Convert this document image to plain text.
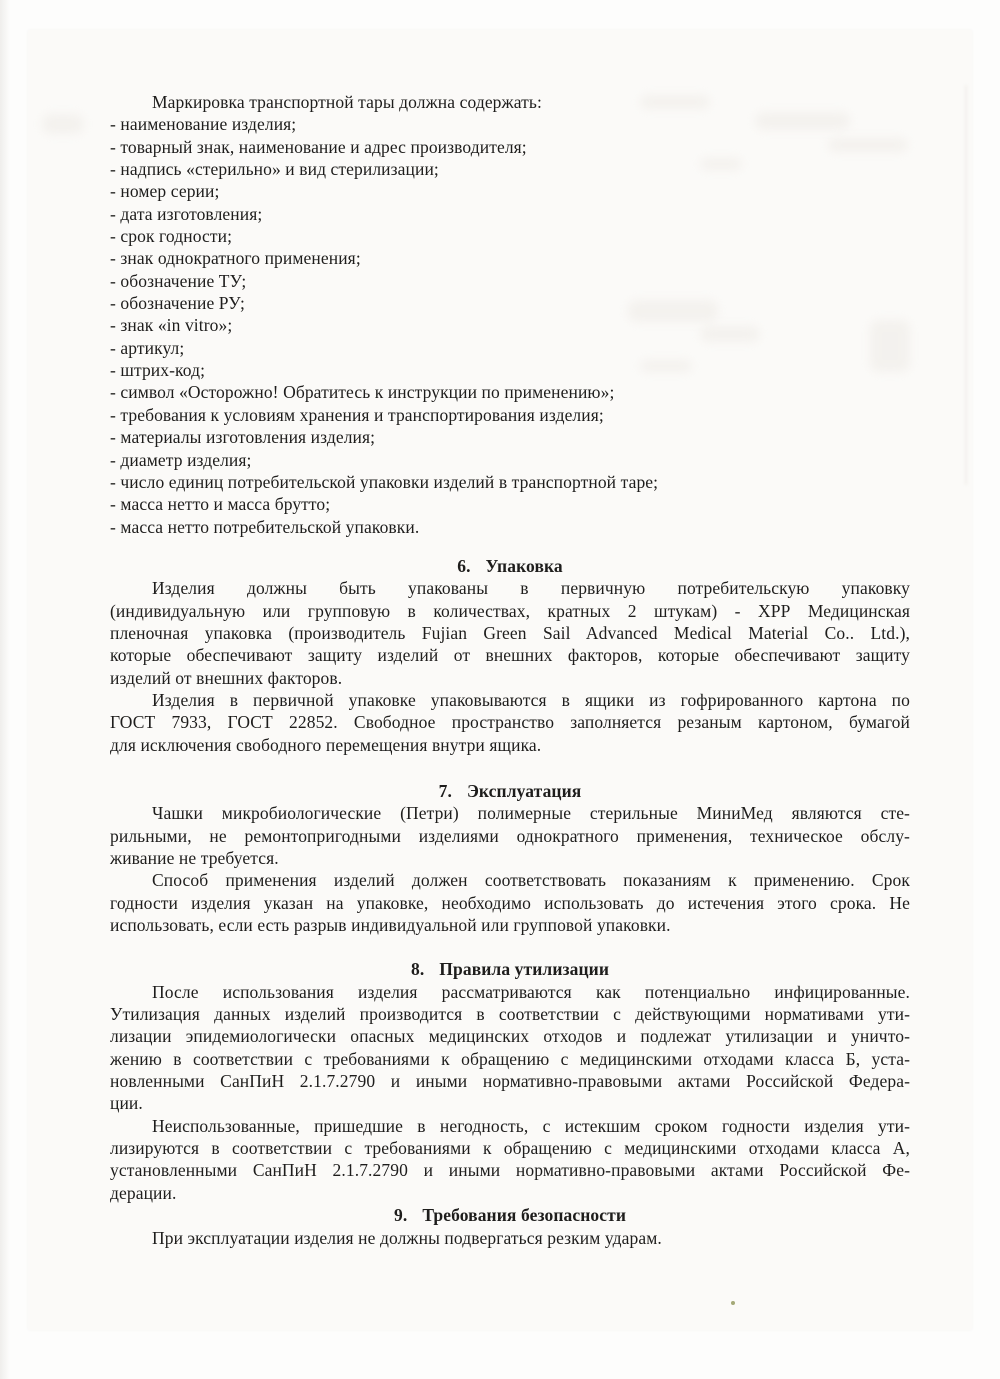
Маркировка транспортной тары должна содержать:
- наименование изделия;
- товарный знак, наименование и адрес производителя;
- надпись «стерильно» и вид стерилизации;
- номер серии;
- дата изготовления;
- срок годности;
- знак однократного применения;
- обозначение ТУ;
- обозначение РУ;
- знак «in vitro»;
- артикул;
- штрих-код;
- символ «Осторожно! Обратитесь к инструкции по применению»;
- требования к условиям хранения и транспортирования изделия;
- материалы изготовления изделия;
- диаметр изделия;
- число единиц потребительской упаковки изделий в транспортной таре;
- масса нетто и масса брутто;
- масса нетто потребительской упаковки.
6. Упаковка
Изделия должны быть упакованы в первичную потребительскую упаковку
(индивидуальную или групповую в количествах, кратных 2 штукам) - ХРР Медицинская
пленочная упаковка (производитель Fujian Green Sail Advanced Medical Material Co.. Ltd.),
которые обеспечивают защиту изделий от внешних факторов, которые обеспечивают защиту
изделий от внешних факторов.
Изделия в первичной упаковке упаковываются в ящики из гофрированного картона по
ГОСТ 7933, ГОСТ 22852. Свободное пространство заполняется резаным картоном, бумагой
для исключения свободного перемещения внутри ящика.
7. Эксплуатация
Чашки микробиологические (Петри) полимерные стерильные МиниМед являются сте-
рильными, не ремонтопригодными изделиями однократного применения, техническое обслу-
живание не требуется.
Способ применения изделий должен соответствовать показаниям к применению. Срок
годности изделия указан на упаковке, необходимо использовать до истечения этого срока. Не
использовать, если есть разрыв индивидуальной или групповой упаковки.
8. Правила утилизации
После использования изделия рассматриваются как потенциально инфицированные.
Утилизация данных изделий производится в соответствии с действующими нормативами ути-
лизации эпидемиологически опасных медицинских отходов и подлежат утилизации и уничто-
жению в соответствии с требованиями к обращению с медицинскими отходами класса Б, уста-
новленными СанПиН 2.1.7.2790 и иными нормативно-правовыми актами Российской Федера-
ции.
Неиспользованные, пришедшие в негодность, с истекшим сроком годности изделия ути-
лизируются в соответствии с требованиями к обращению с медицинскими отходами класса А,
установленными СанПиН 2.1.7.2790 и иными нормативно-правовыми актами Российской Фе-
дерации.
9. Требования безопасности
При эксплуатации изделия не должны подвергаться резким ударам.
